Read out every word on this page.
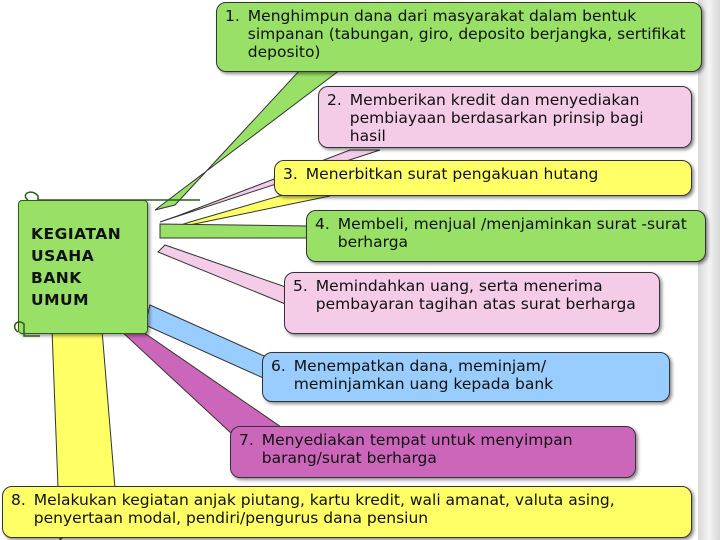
KEGIATAN
USAHA
BANK
UMUM
1. Menghimpun dana dari masyarakat dalam bentuk simpanan (tabungan, giro, deposito berjangka, sertifikat deposito)
2. Memberikan kredit dan menyediakan pembiayaan berdasarkan prinsip bagi hasil
3. Menerbitkan surat pengakuan hutang
4. Membeli, menjual /menjaminkan surat -surat berharga
5. Memindahkan uang, serta menerima pembayaran tagihan atas surat berharga
6. Menempatkan dana, meminjam/ meminjamkan uang kepada bank
7. Menyediakan tempat untuk menyimpan barang/surat berharga
8. Melakukan kegiatan anjak piutang, kartu kredit, wali amanat, valuta asing, penyertaan modal, pendiri/pengurus dana pensiun
